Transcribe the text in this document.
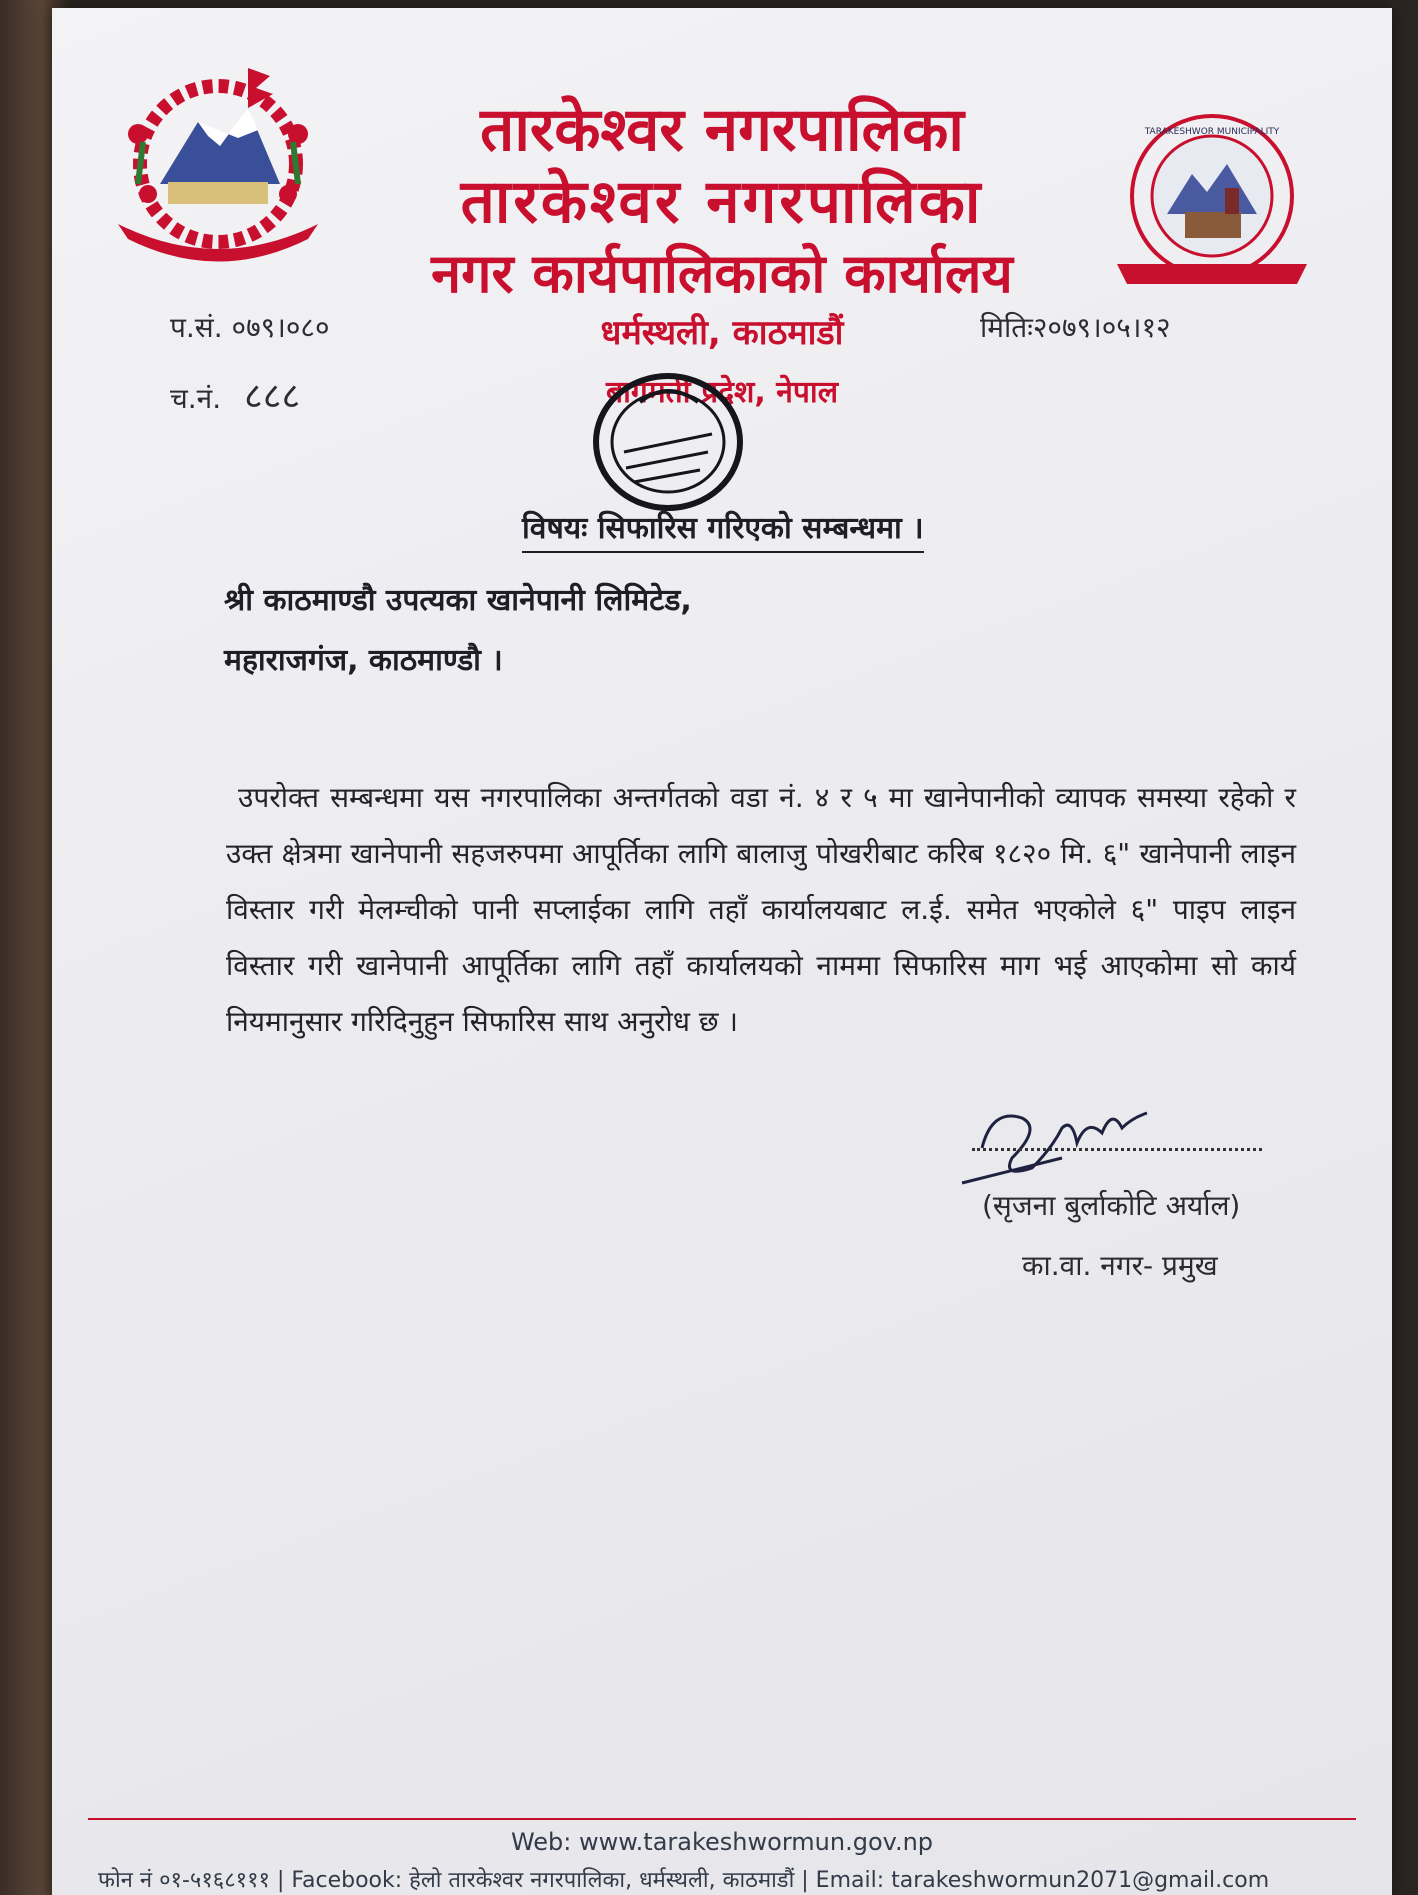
TARAKESHWOR MUNICIPALITY
तारकेश्वर नगरपालिका
तारकेश्वर नगरपालिका
नगर कार्यपालिकाको कार्यालय
धर्मस्थली, काठमाडौं
बागमती प्रदेश, नेपाल
प.सं. ०७९।०८०
च.नं. ८८८
मितिः२०७९।०५।१२
विषयः सिफारिस गरिएको सम्बन्धमा ।
श्री काठमाण्डौ उपत्यका खानेपानी लिमिटेड,
महाराजगंज, काठमाण्डौ ।
उपरोक्त सम्बन्धमा यस नगरपालिका अन्तर्गतको वडा नं. ४ र ५ मा खानेपानीको व्यापक समस्या रहेको र उक्त क्षेत्रमा खानेपानी सहजरुपमा आपूर्तिका लागि बालाजु पोखरीबाट करिब १८२० मि. ६" खानेपानी लाइन विस्तार गरी मेलम्चीको पानी सप्लाईका लागि तहाँ कार्यालयबाट ल.ई. समेत भएकोले ६" पाइप लाइन विस्तार गरी खानेपानी आपूर्तिका लागि तहाँ कार्यालयको नाममा सिफारिस माग भई आएकोमा सो कार्य नियमानुसार गरिदिनुहुन सिफारिस साथ अनुरोध छ ।
(सृजना बुर्लाकोटि अर्याल)
का.वा. नगर- प्रमुख
Web: www.tarakeshwormun.gov.np
फोन नं ०१-५१६८१११ | Facebook: हेलो तारकेश्वर नगरपालिका, धर्मस्थली, काठमाडौं | Email: tarakeshwormun2071@gmail.com
